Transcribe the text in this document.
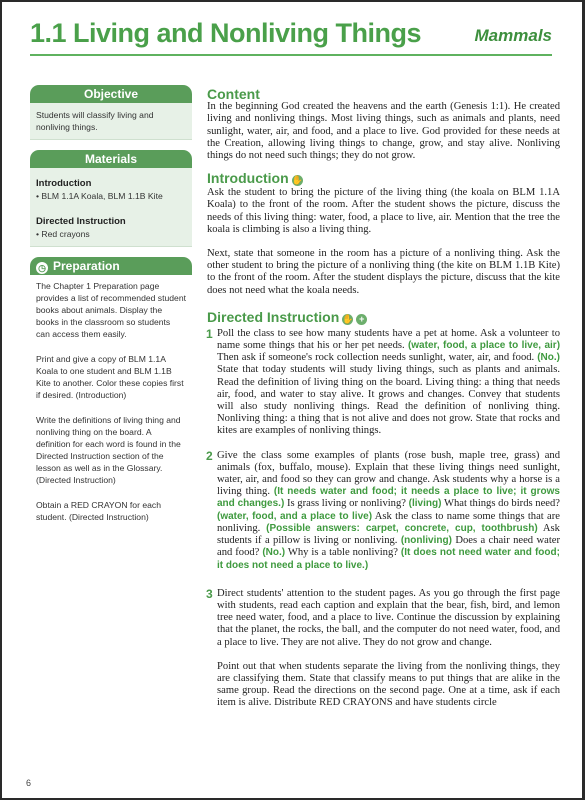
1.1 Living and Nonliving Things	Mammals
Objective

Students will classify living and nonliving things.

Materials
Introduction
• BLM 1.1A Koala, BLM 1.1B Kite
Directed Instruction
• Red crayons
◷ Preparation

The Chapter 1 Preparation page provides a list of recommended student books about animals. Display the books in the classroom so students can access them easily.

Print and give a copy of BLM 1.1A Koala to one student and BLM 1.1B Kite to another. Color these copies first if desired. (Introduction)

Write the definitions of living thing and nonliving thing on the board. A definition for each word is found in the Directed Instruction section of the lesson as well as in the Glossary. (Directed Instruction)

Obtain a RED CRAYON for each student. (Directed Instruction)

Content

In the beginning God created the heavens and the earth (Genesis 1:1). He created living and nonliving things. Most living things, such as animals and plants, need sunlight, water, air, and food, and a place to live. God provided for these needs at the Creation, allowing living things to change, grow, and stay alive. Nonliving things do not need such things; they do not grow.

Introduction ✋

Ask the student to bring the picture of the living thing (the koala on BLM 1.1A Koala) to the front of the room. After the student shows the picture, discuss the needs of this living thing: water, food, a place to live, air. Mention that the tree the koala is climbing is also a living thing.

Next, state that someone in the room has a picture of a nonliving thing. Ask the other student to bring the picture of a nonliving thing (the kite on BLM 1.1B Kite) to the front of the room. After the student displays the picture, discuss that the kite does not need what the koala needs.

Directed Instruction ✋ +
1 Poll the class to see how many students have a pet at home. Ask a volunteer to name some things that his or her pet needs. (water, food, a place to live, air) Then ask if someone's rock collection needs sunlight, water, air, and food. (No.) State that today students will study living things, such as plants and animals. Read the definition of living thing on the board. Living thing: a thing that needs air, food, and water to stay alive. It grows and changes. Convey that students will also study nonliving things. Read the definition of nonliving thing. Nonliving thing: a thing that is not alive and does not grow. State that rocks and kites are examples of nonliving things.

2 Give the class some examples of plants (rose bush, maple tree, grass) and animals (fox, buffalo, mouse). Explain that these living things need sunlight, water, air, and food so they can grow and change. Ask students why a horse is a living thing. (It needs water and food; it needs a place to live; it grows and changes.) Is grass living or nonliving? (living) What things do birds need? (water, food, and a place to live) Ask the class to name some things that are nonliving. (Possible answers: carpet, concrete, cup, toothbrush) Ask students if a pillow is living or nonliving. (nonliving) Does a chair need water and food? (No.) Why is a table nonliving? (It does not need water and food; it does not need a place to live.)

3 Direct students' attention to the student pages. As you go through the first page with students, read each caption and explain that the bear, fish, bird, and lemon tree need water, food, and a place to live. Continue the discussion by explaining that the planet, the rocks, the ball, and the computer do not need water, food, and a place to live. They are not alive. They do not grow and change.

Point out that when students separate the living from the nonliving things, they are classifying them. State that classify means to put things that are alike in the same group. Read the directions on the second page. One at a time, ask if each item is alive. Distribute RED CRAYONS and have students circle

6
